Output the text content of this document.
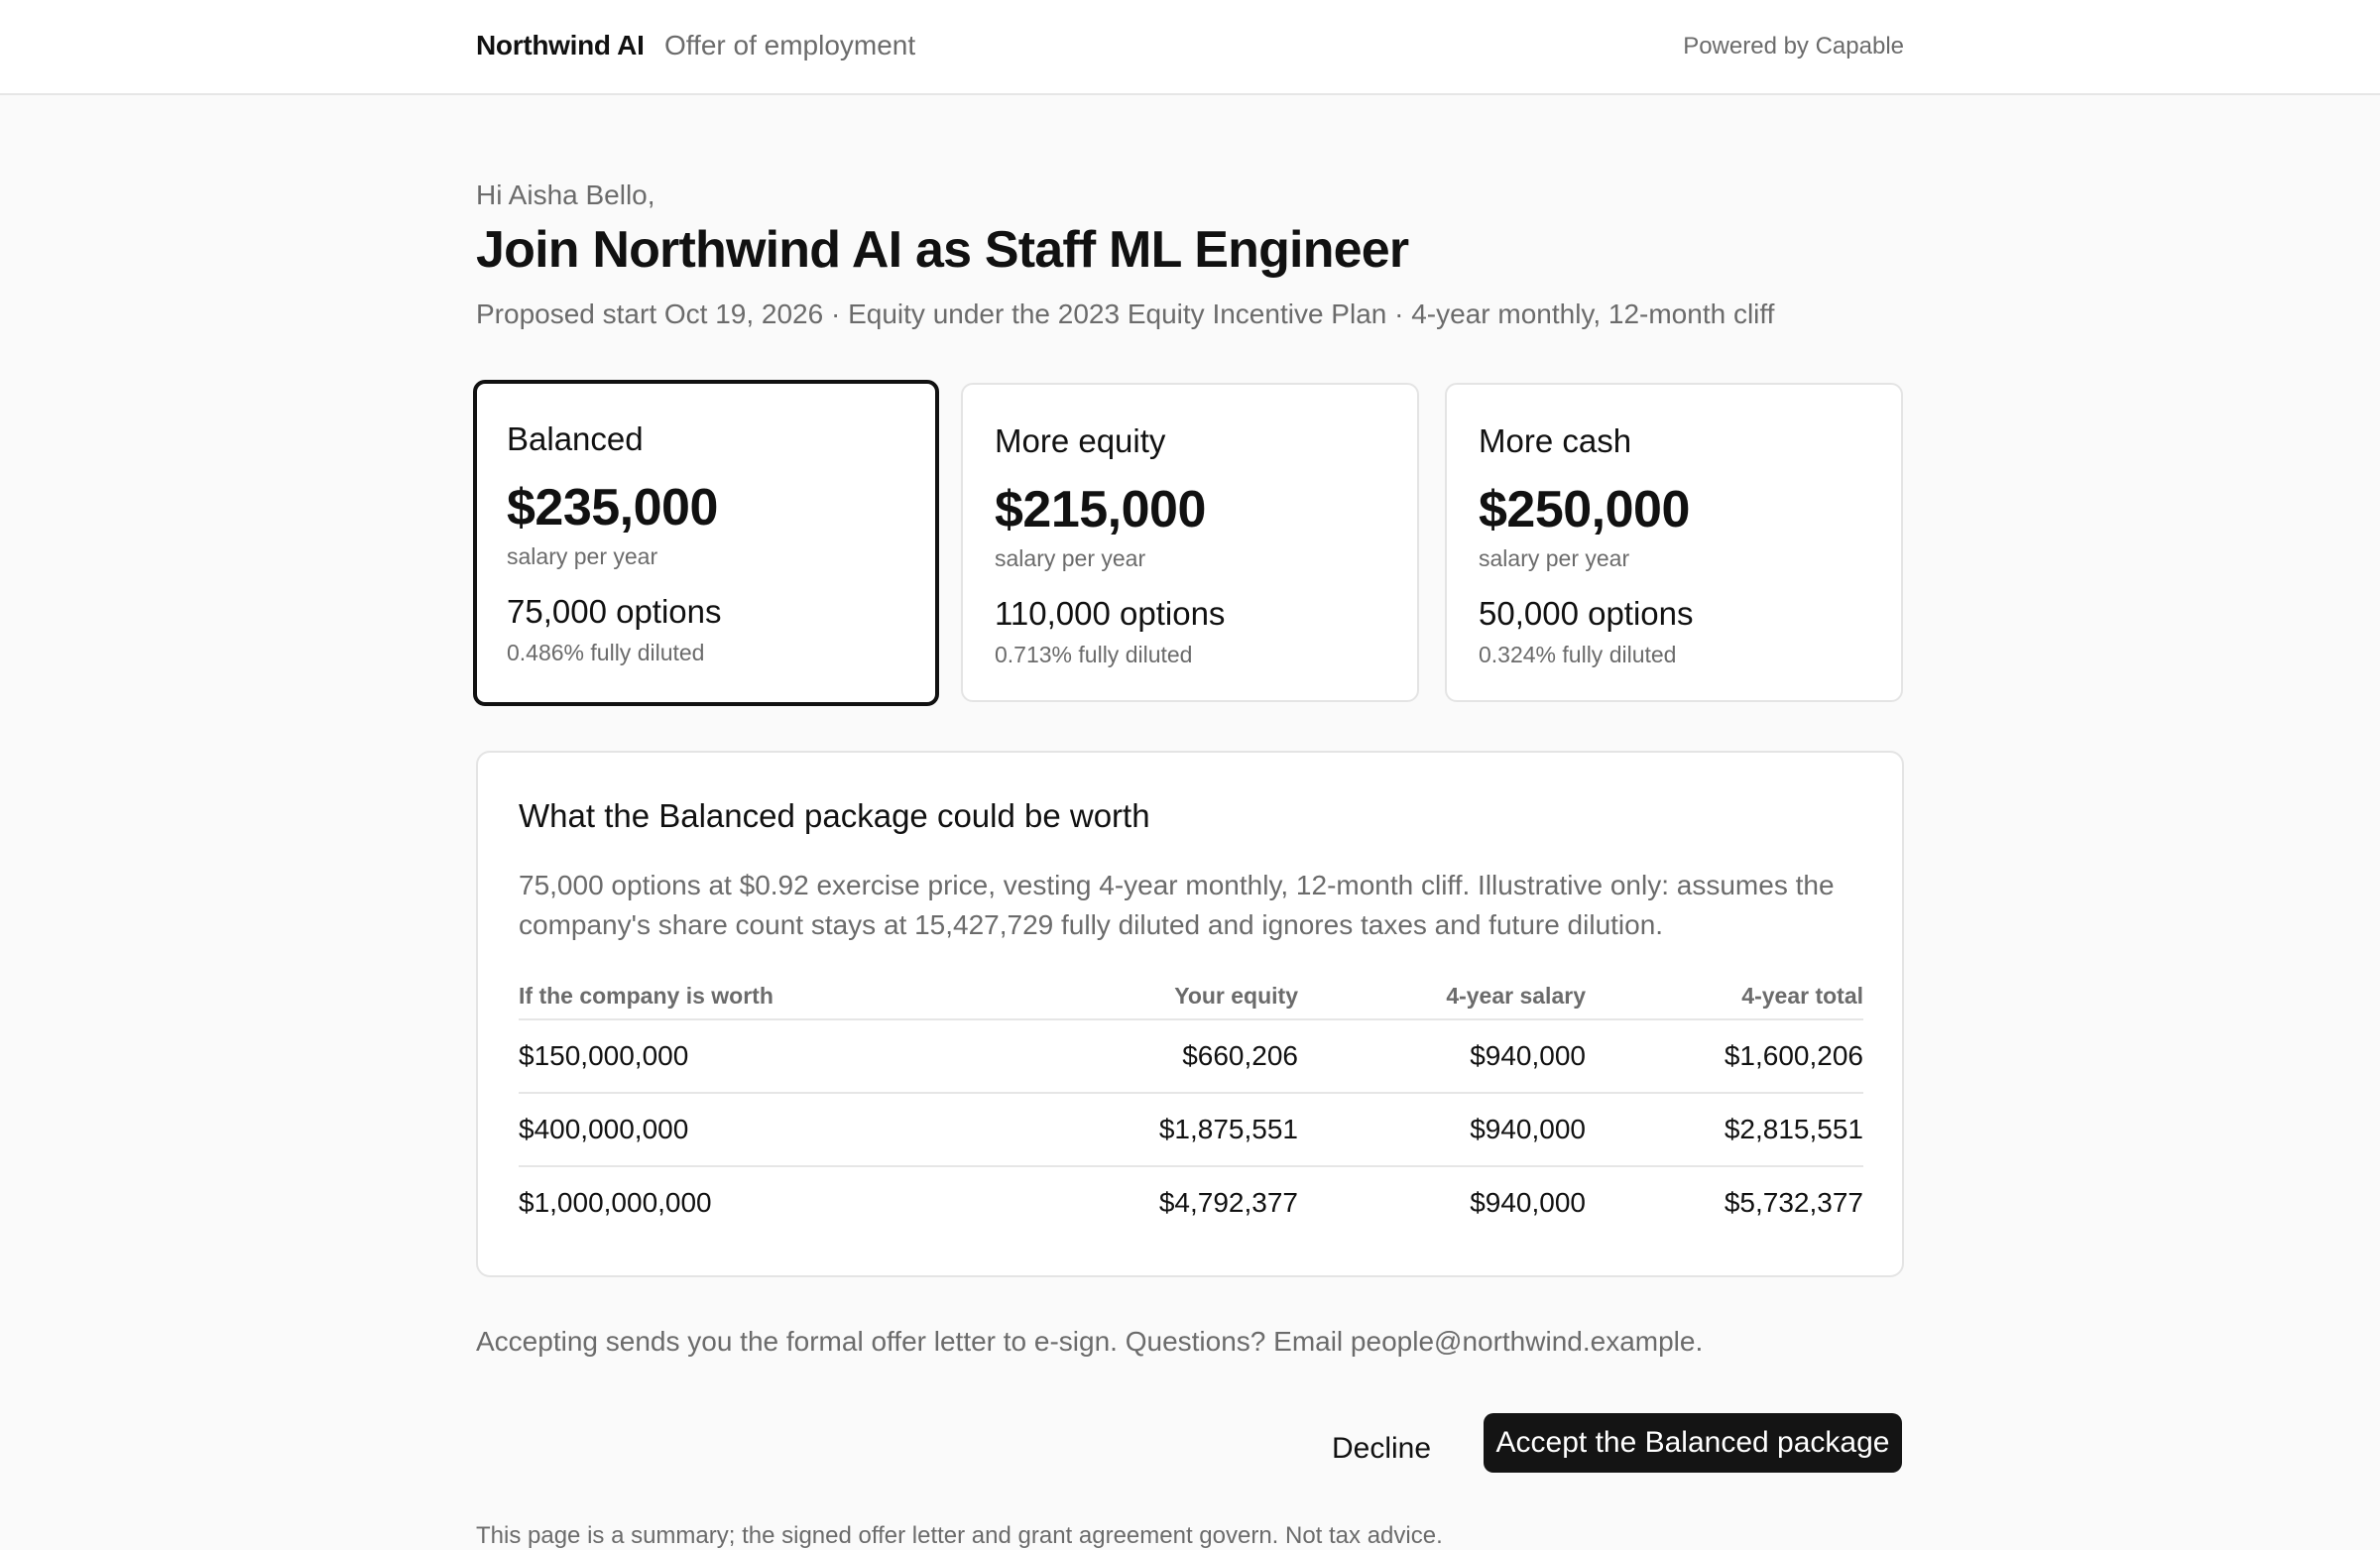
Northwind AI Offer of employment	Powered by Capable
Hi Aisha Bello,
Join Northwind AI as Staff ML Engineer
Proposed start Oct 19, 2026 · Equity under the 2023 Equity Incentive Plan · 4-year monthly, 12-month cliff
Balanced
$235,000
salary per year
75,000 options
0.486% fully diluted
More equity
$215,000
salary per year
110,000 options
0.713% fully diluted
More cash
$250,000
salary per year
50,000 options
0.324% fully diluted
What the Balanced package could be worth

75,000 options at $0.92 exercise price, vesting 4-year monthly, 12-month cliff. Illustrative only: assumes the company's share count stays at 15,427,729 fully diluted and ignores taxes and future dilution.

If the company is worth	Your equity	4-year salary	4-year total
$150,000,000	$660,206	$940,000	$1,600,206
$400,000,000	$1,875,551	$940,000	$2,815,551
$1,000,000,000	$4,792,377	$940,000	$5,732,377
Accepting sends you the formal offer letter to e-sign. Questions? Email people@northwind.example.
Decline	Accept the Balanced package
This page is a summary; the signed offer letter and grant agreement govern. Not tax advice.
